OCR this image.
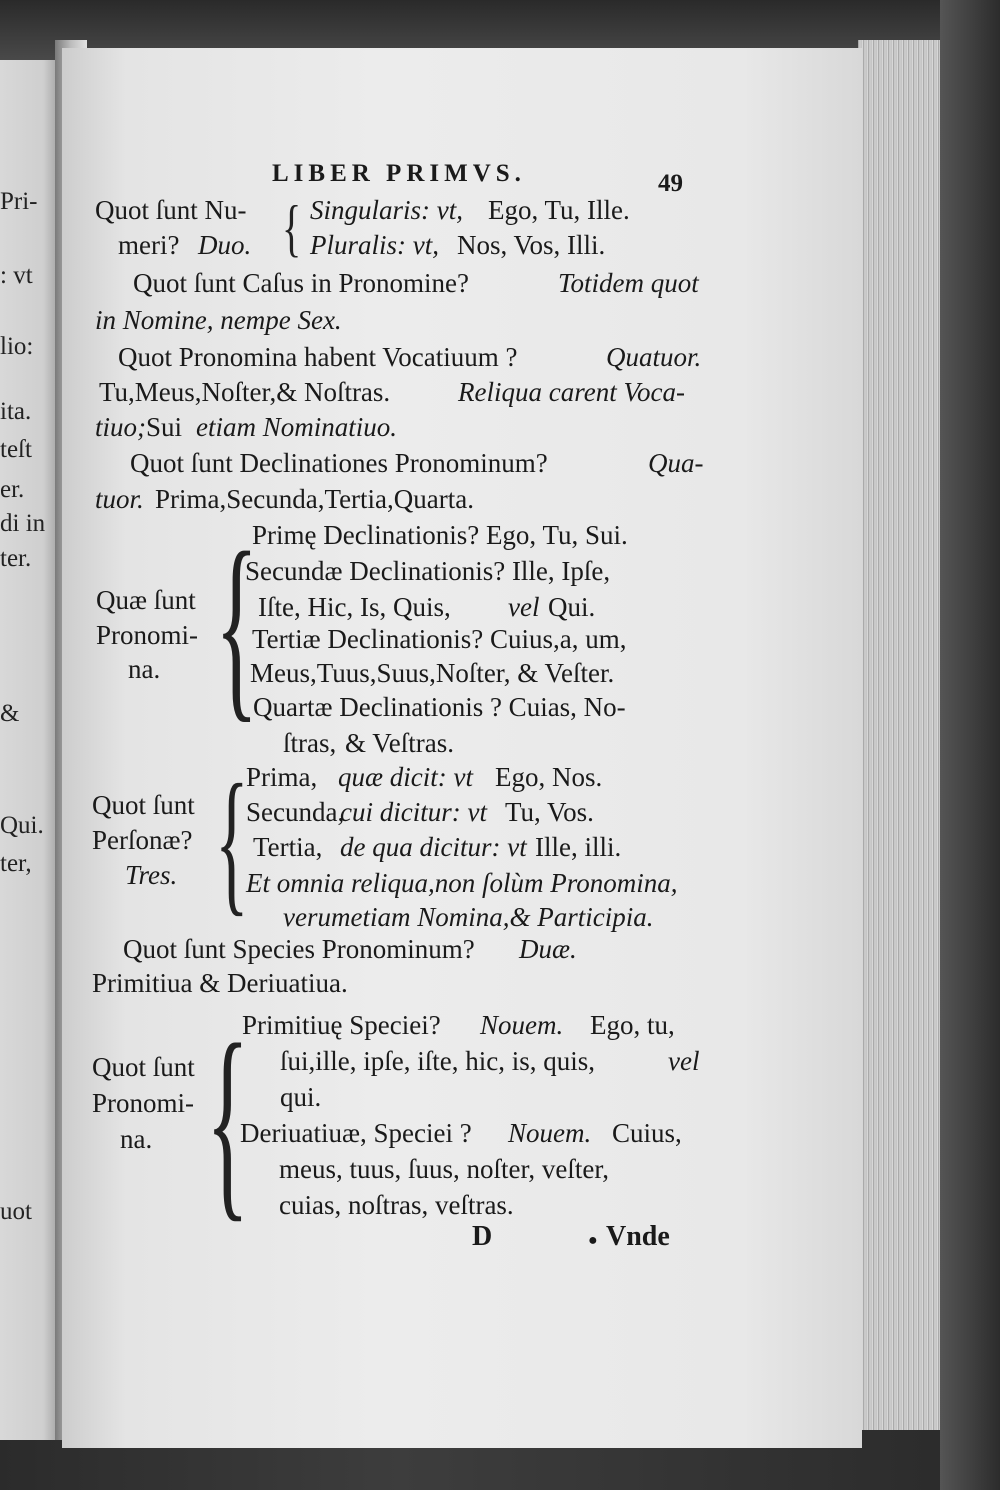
Pri-
: vt
lio:
ita.
teſt
er.
di in
ter.
&
Qui.
ter,
uot
LIBER PRIMVS.	49
{
{
{
{
Quot ſunt Nu- Singularis: vt, Ego, Tu, Ille.
meri? Duo. Pluralis: vt, Nos, Vos, Illi.
Quot ſunt Caſus in Pronomine?	Totidem quot
in Nomine, nempe Sex.
Quot Pronomina habent Vocatiuum ?	Quatuor.
Tu,Meus,Noſter,& Noſtras.	Reliqua carent Voca-
tiuo; Sui etiam Nominatiuo.
Quot ſunt Declinationes Pronominum?	Qua-
tuor. Prima,Secunda,Tertia,Quarta.
Primę Declinationis? Ego, Tu, Sui.
Secundæ Declinationis? Ille, Ipſe,
Quæ ſunt Iſte, Hic, Is, Quis, vel Qui.
Pronomi- Tertiæ Declinationis? Cuius,a, um,
na.	Meus,Tuus,Suus,Noſter, & Veſter.
Quartæ Declinationis ? Cuias, No-
ſtras, & Veſtras.
Prima, quæ dicit: vt Ego, Nos.
Quot ſunt Secunda,
cui dicitur: vt Tu, Vos.
Perſonæ? Tertia, de qua dicitur: vt Ille, illi.
Tres.	Et omnia reliqua,non ſolùm Pronomina,
verumetiam Nomina,& Participia.
Quot ſunt Species Pronominum? Duæ.
Primitiua & Deriuatiua.
Primitiuę Speciei? Nouem. Ego, tu,
Quot ſunt	ſui,ille, ipſe, iſte, hic, is, quis,	vel
Pronomi-	qui.
na.	Deriuatiuæ, Speciei ? Nouem. Cuius,
meus, tuus, ſuus, noſter, veſter,
cuias, noſtras, veſtras.
D	● Vnde
